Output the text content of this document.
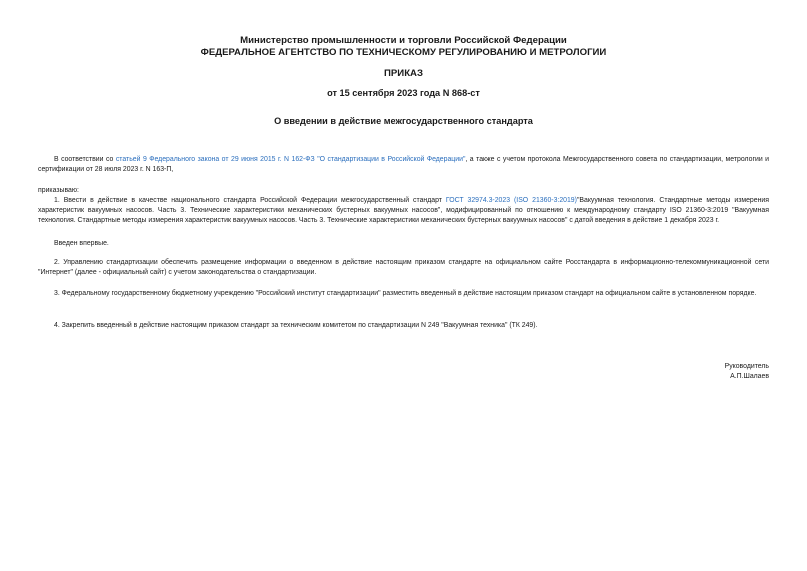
Министерство промышленности и торговли Российской Федерации
ФЕДЕРАЛЬНОЕ АГЕНТСТВО ПО ТЕХНИЧЕСКОМУ РЕГУЛИРОВАНИЮ И МЕТРОЛОГИИ
ПРИКАЗ
от 15 сентября 2023 года N 868-ст
О введении в действие межгосударственного стандарта
В соответствии со статьей 9 Федерального закона от 29 июня 2015 г. N 162-ФЗ "О стандартизации в Российской Федерации", а также с учетом протокола Межгосударственного совета по стандартизации, метрологии и сертификации от 28 июля 2023 г. N 163-П,
приказываю:
1. Ввести в действие в качестве национального стандарта Российской Федерации межгосударственный стандарт ГОСТ 32974.3-2023 (ISO 21360-3:2019)"Вакуумная технология. Стандартные методы измерения характеристик вакуумных насосов. Часть 3. Технические характеристики механических бустерных вакуумных насосов", модифицированный по отношению к международному стандарту ISO 21360-3:2019 "Вакуумная технология. Стандартные методы измерения характеристик вакуумных насосов. Часть 3. Технические характеристики механических бустерных вакуумных насосов" с датой введения в действие 1 декабря 2023 г.
Введен впервые.
2. Управлению стандартизации обеспечить размещение информации о введенном в действие настоящим приказом стандарте на официальном сайте Росстандарта в информационно-телекоммуникационной сети "Интернет" (далее - официальный сайт) с учетом законодательства о стандартизации.
3. Федеральному государственному бюджетному учреждению "Российский институт стандартизации" разместить введенный в действие настоящим приказом стандарт на официальном сайте в установленном порядке.
4. Закрепить введенный в действие настоящим приказом стандарт за техническим комитетом по стандартизации N 249 "Вакуумная техника" (ТК 249).
Руководитель
А.П.Шалаев
